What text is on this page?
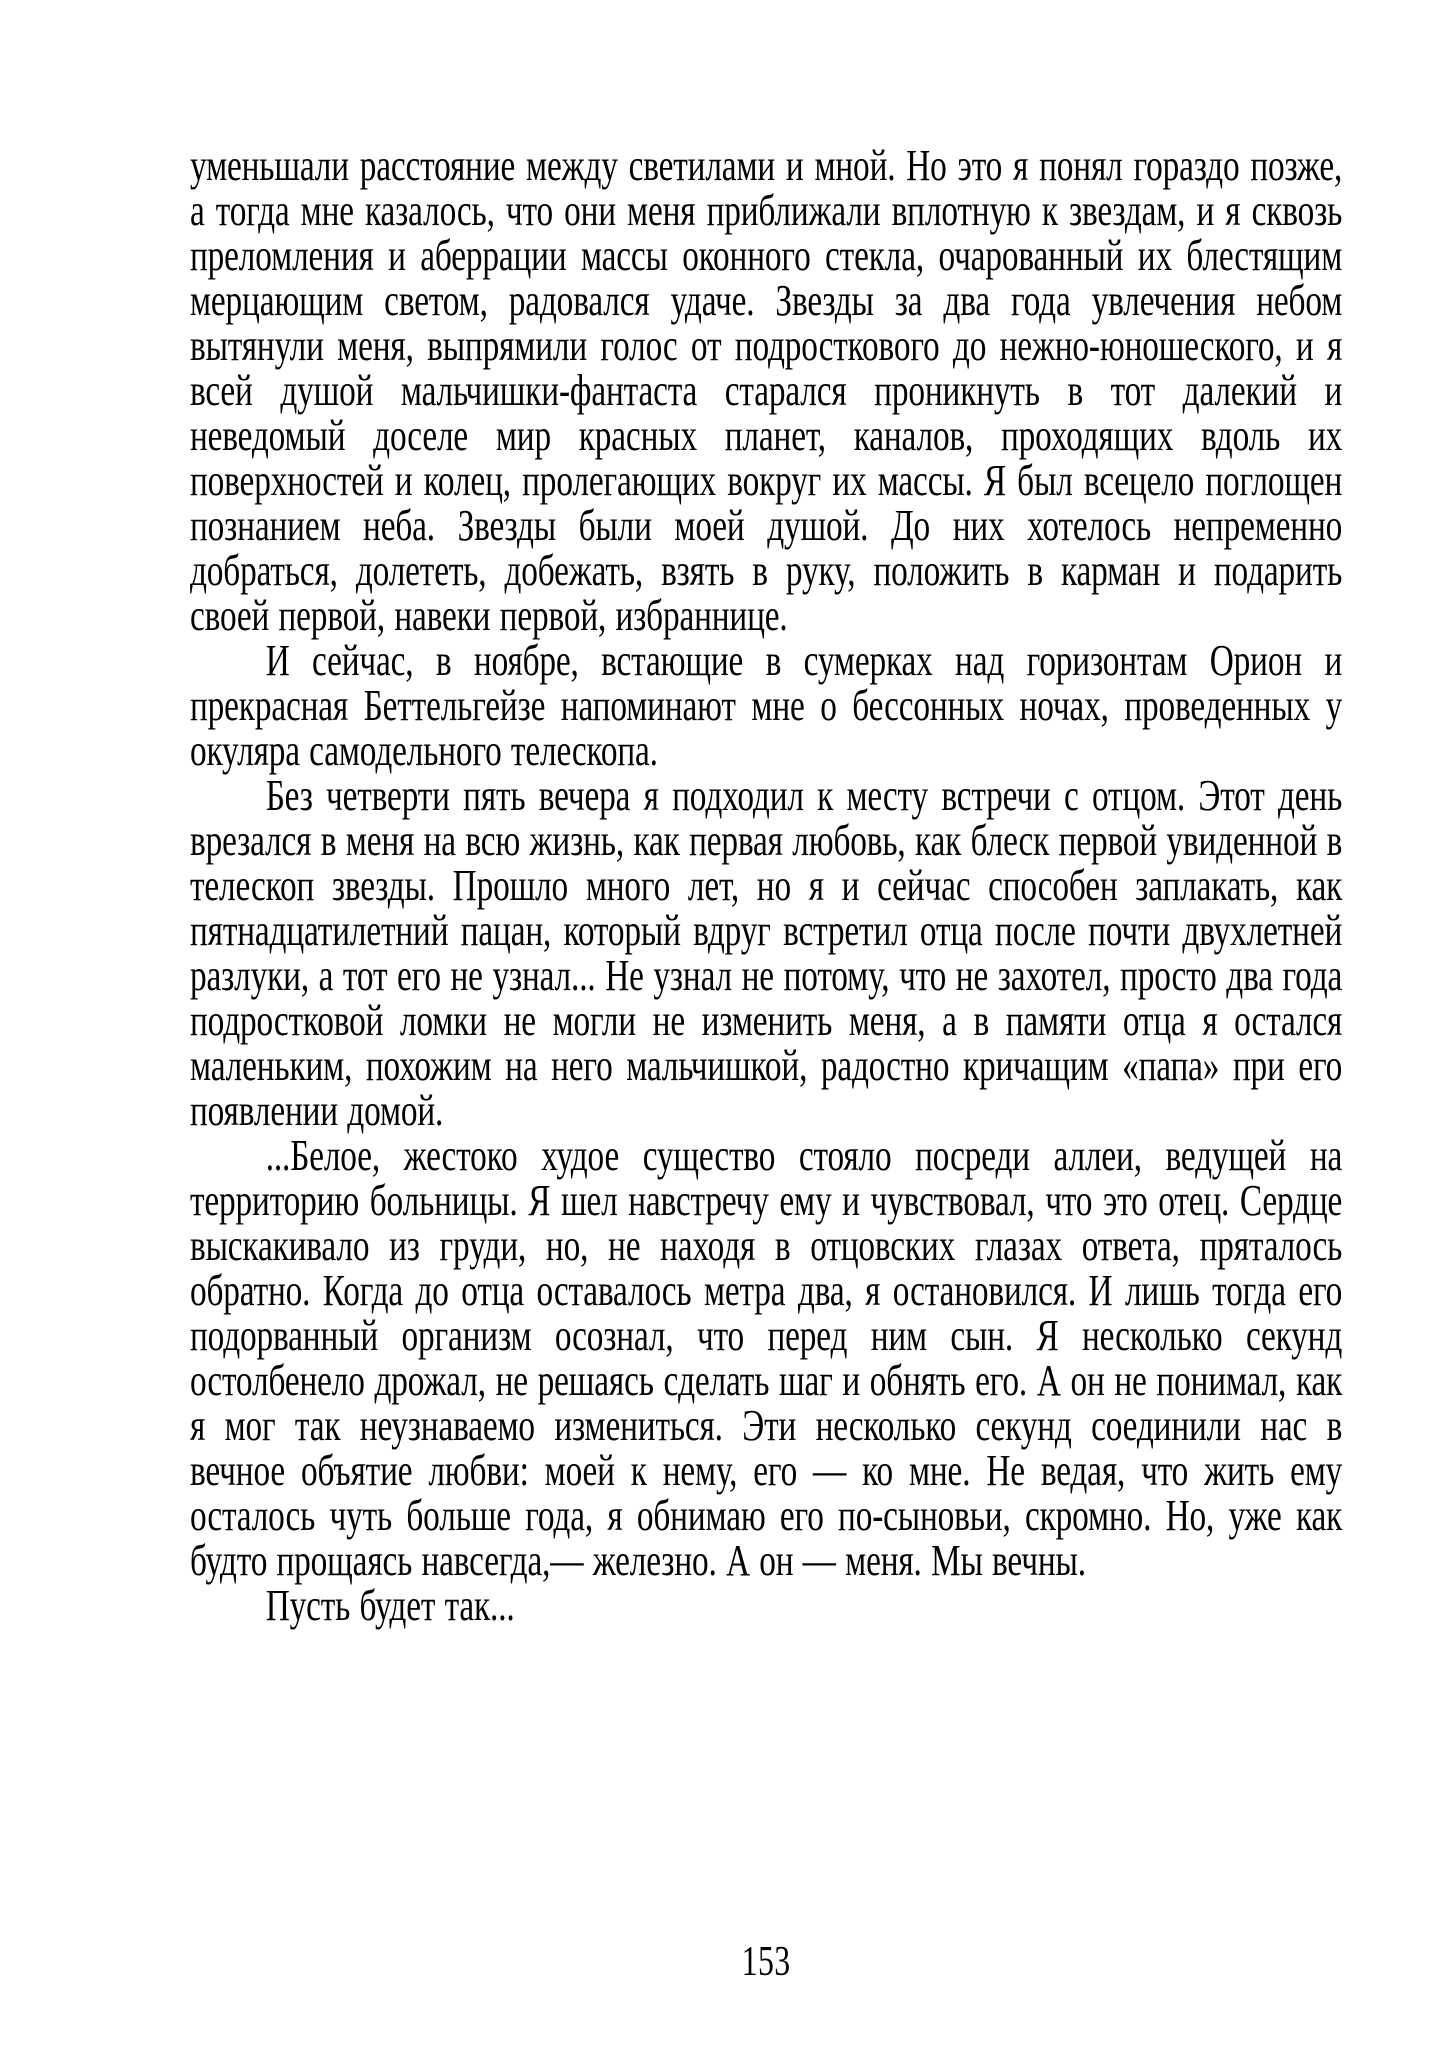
уменьшали расстояние между светилами и мной. Но это я понял гораздо позже, а тогда мне казалось, что они меня приближали вплотную к звездам, и я сквозь преломления и аберрации массы оконного стекла, очарованный их блестящим мерцающим светом, радовался удаче. Звезды за два года увлечения небом вытянули меня, выпрямили голос от подросткового до нежно-юношеского, и я всей душой мальчишки-фантаста старался проникнуть в тот далекий и неведомый доселе мир красных планет, каналов, проходящих вдоль их поверхностей и колец, пролегающих вокруг их массы. Я был всецело поглощен познанием неба. Звезды были моей душой. До них хотелось непременно добраться, долететь, добежать, взять в руку, положить в карман и подарить своей первой, навеки первой, избраннице.

И сейчас, в ноябре, встающие в сумерках над горизонтам Орион и прекрасная Беттельгейзе напоминают мне о бессонных ночах, проведенных у окуляра самодельного телескопа.

Без четверти пять вечера я подходил к месту встречи с отцом. Этот день врезался в меня на всю жизнь, как первая любовь, как блеск первой увиденной в телескоп звезды. Прошло много лет, но я и сейчас способен заплакать, как пятнадцатилетний пацан, который вдруг встретил отца после почти двухлетней разлуки, а тот его не узнал... Не узнал не потому, что не захотел, просто два года подростковой ломки не могли не изменить меня, а в памяти отца я остался маленьким, похожим на него мальчишкой, радостно кричащим «папа» при его появлении домой.

...Белое, жестоко худое существо стояло посреди аллеи, ведущей на территорию больницы. Я шел навстречу ему и чувствовал, что это отец. Сердце выскакивало из груди, но, не находя в отцовских глазах ответа, пряталось обратно. Когда до отца оставалось метра два, я остановился. И лишь тогда его подорванный организм осознал, что перед ним сын. Я несколько секунд остолбенело дрожал, не решаясь сделать шаг и обнять его. А он не понимал, как я мог так неузнаваемо измениться. Эти несколько секунд соединили нас в вечное объятие любви: моей к нему, его — ко мне. Не ведая, что жить ему осталось чуть больше года, я обнимаю его по-сыновьи, скромно. Но, уже как будто прощаясь навсегда,— железно. А он — меня. Мы вечны.

Пусть будет так...

153
